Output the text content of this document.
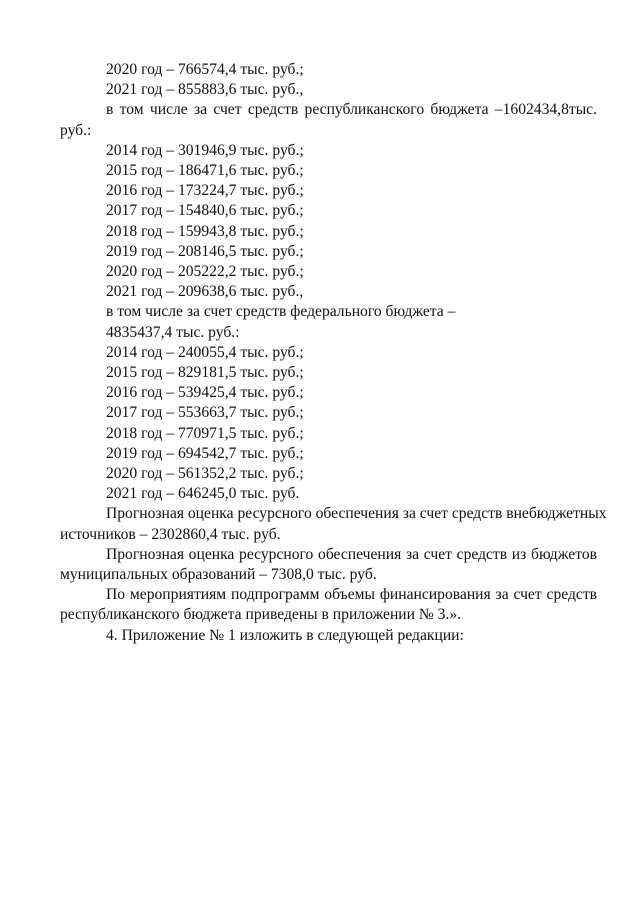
2020 год – 766574,4 тыс. руб.;
2021 год – 855883,6 тыс. руб.,
в том числе за счет средств республиканского бюджета –1602434,8тыс.
руб.:
2014 год – 301946,9 тыс. руб.;
2015 год – 186471,6 тыс. руб.;
2016 год – 173224,7 тыс. руб.;
2017 год – 154840,6 тыс. руб.;
2018 год – 159943,8 тыс. руб.;
2019 год – 208146,5 тыс. руб.;
2020 год – 205222,2 тыс. руб.;
2021 год – 209638,6 тыс. руб.,
в том числе за счет средств федерального бюджета –
4835437,4 тыс. руб.:
2014 год – 240055,4 тыс. руб.;
2015 год – 829181,5 тыс. руб.;
2016 год – 539425,4 тыс. руб.;
2017 год – 553663,7 тыс. руб.;
2018 год – 770971,5 тыс. руб.;
2019 год – 694542,7 тыс. руб.;
2020 год – 561352,2 тыс. руб.;
2021 год – 646245,0 тыс. руб.
Прогнозная оценка ресурсного обеспечения за счет средств внебюджетных
источников – 2302860,4 тыс. руб.
Прогнозная оценка ресурсного обеспечения за счет средств из бюджетов
муниципальных образований – 7308,0 тыс. руб.
По мероприятиям подпрограмм объемы финансирования за счет средств
республиканского бюджета приведены в приложении № 3.».
4. Приложение № 1 изложить в следующей редакции:
